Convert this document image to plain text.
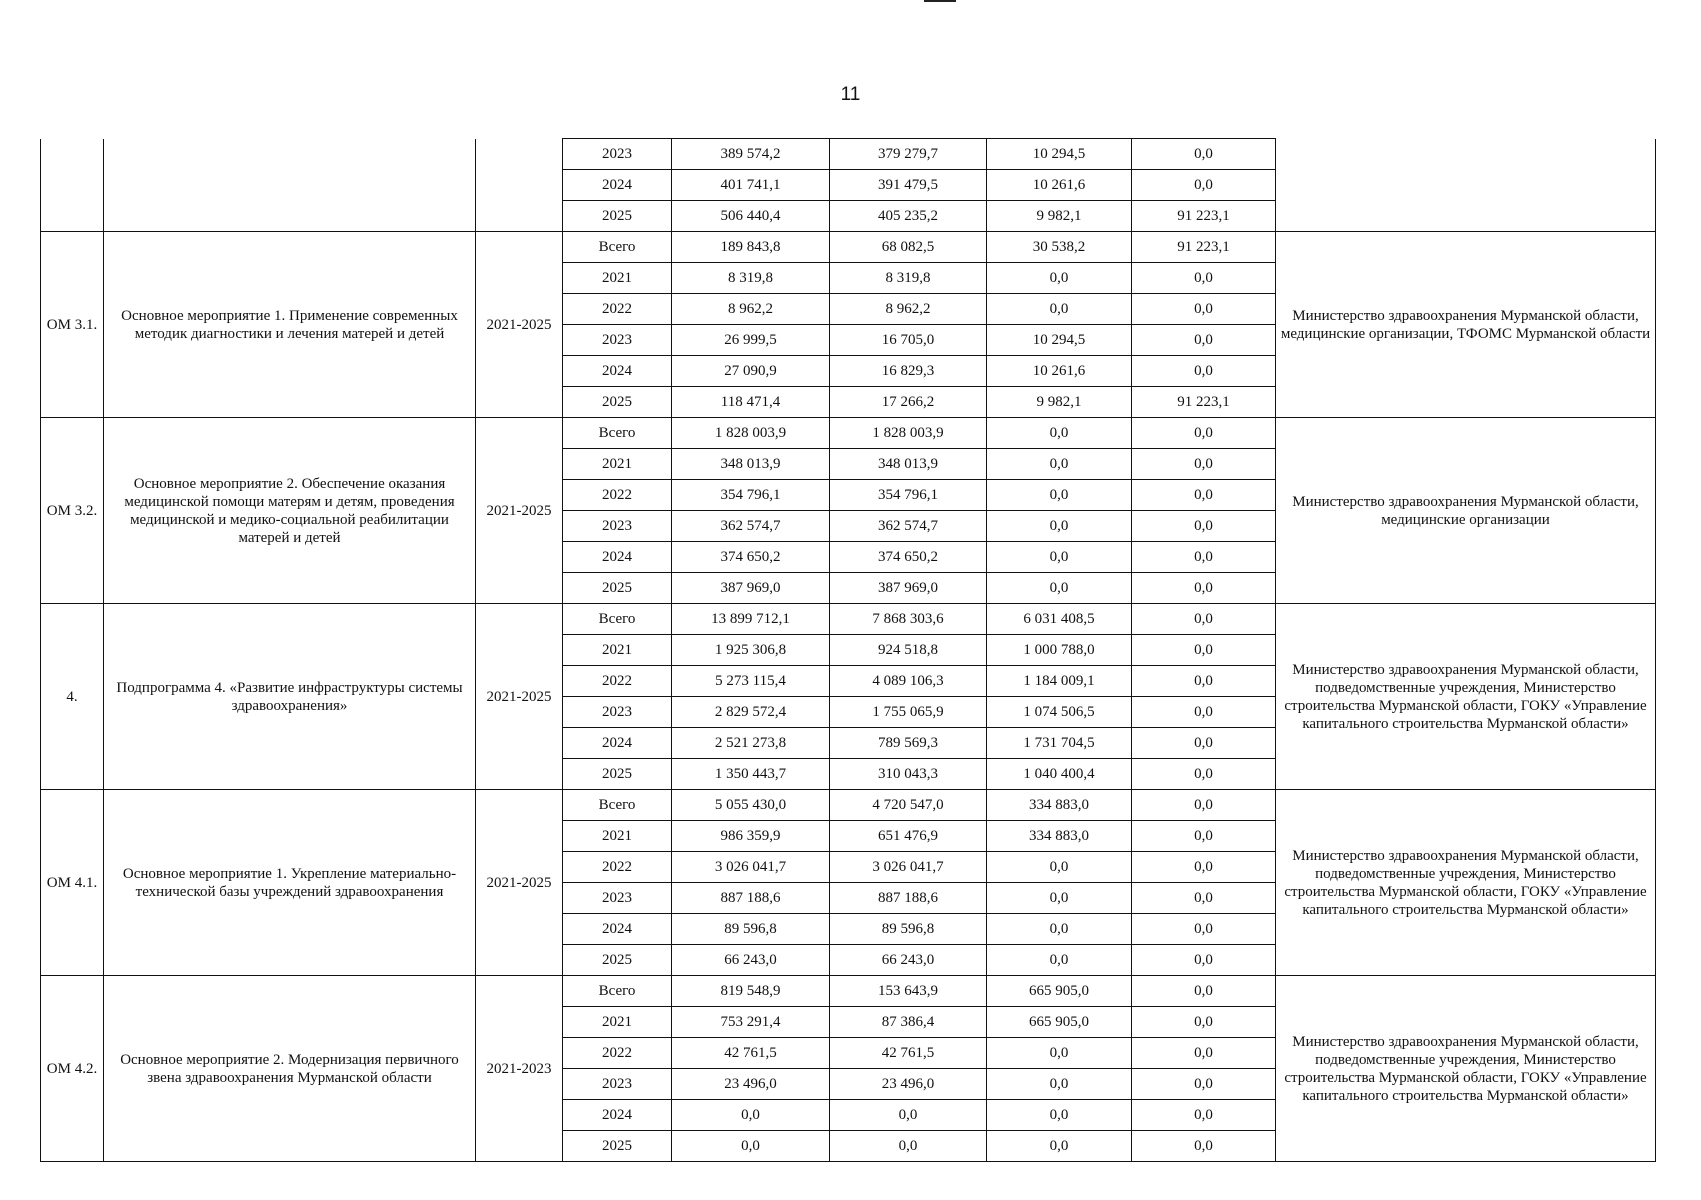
11
			2023	389 574,2	379 279,7	10 294,5	0,0	
			2024	401 741,1	391 479,5	10 261,6	0,0	
			2025	506 440,4	405 235,2	9 982,1	91 223,1	
ОМ 3.1.	Основное мероприятие 1. Применение современных методик диагностики и лечения матерей и детей	2021-2025	Всего	189 843,8	68 082,5	30 538,2	91 223,1	Министерство здравоохранения Мурманской области, медицинские организации, ТФОМС Мурманской области
			2021	8 319,8	8 319,8	0,0	0,0	
			2022	8 962,2	8 962,2	0,0	0,0	
			2023	26 999,5	16 705,0	10 294,5	0,0	
			2024	27 090,9	16 829,3	10 261,6	0,0	
			2025	118 471,4	17 266,2	9 982,1	91 223,1	
ОМ 3.2.	Основное мероприятие 2. Обеспечение оказания медицинской помощи матерям и детям, проведения медицинской и медико-социальной реабилитации матерей и детей	2021-2025	Всего	1 828 003,9	1 828 003,9	0,0	0,0	Министерство здравоохранения Мурманской области, медицинские организации
			2021	348 013,9	348 013,9	0,0	0,0	
			2022	354 796,1	354 796,1	0,0	0,0	
			2023	362 574,7	362 574,7	0,0	0,0	
			2024	374 650,2	374 650,2	0,0	0,0	
			2025	387 969,0	387 969,0	0,0	0,0	
4.	Подпрограмма 4. «Развитие инфраструктуры системы здравоохранения»	2021-2025	Всего	13 899 712,1	7 868 303,6	6 031 408,5	0,0	Министерство здравоохранения Мурманской области, подведомственные учреждения, Министерство строительства Мурманской области, ГОКУ «Управление капитального строительства Мурманской области»
			2021	1 925 306,8	924 518,8	1 000 788,0	0,0	
			2022	5 273 115,4	4 089 106,3	1 184 009,1	0,0	
			2023	2 829 572,4	1 755 065,9	1 074 506,5	0,0	
			2024	2 521 273,8	789 569,3	1 731 704,5	0,0	
			2025	1 350 443,7	310 043,3	1 040 400,4	0,0	
ОМ 4.1.	Основное мероприятие 1. Укрепление материально-технической базы учреждений здравоохранения	2021-2025	Всего	5 055 430,0	4 720 547,0	334 883,0	0,0	Министерство здравоохранения Мурманской области, подведомственные учреждения, Министерство строительства Мурманской области, ГОКУ «Управление капитального строительства Мурманской области»
			2021	986 359,9	651 476,9	334 883,0	0,0	
			2022	3 026 041,7	3 026 041,7	0,0	0,0	
			2023	887 188,6	887 188,6	0,0	0,0	
			2024	89 596,8	89 596,8	0,0	0,0	
			2025	66 243,0	66 243,0	0,0	0,0	
ОМ 4.2.	Основное мероприятие 2. Модернизация первичного звена здравоохранения Мурманской области	2021-2023	Всего	819 548,9	153 643,9	665 905,0	0,0	Министерство здравоохранения Мурманской области, подведомственные учреждения, Министерство строительства Мурманской области, ГОКУ «Управление капитального строительства Мурманской области»
			2021	753 291,4	87 386,4	665 905,0	0,0	
			2022	42 761,5	42 761,5	0,0	0,0	
			2023	23 496,0	23 496,0	0,0	0,0	
			2024	0,0	0,0	0,0	0,0	
			2025	0,0	0,0	0,0	0,0	
